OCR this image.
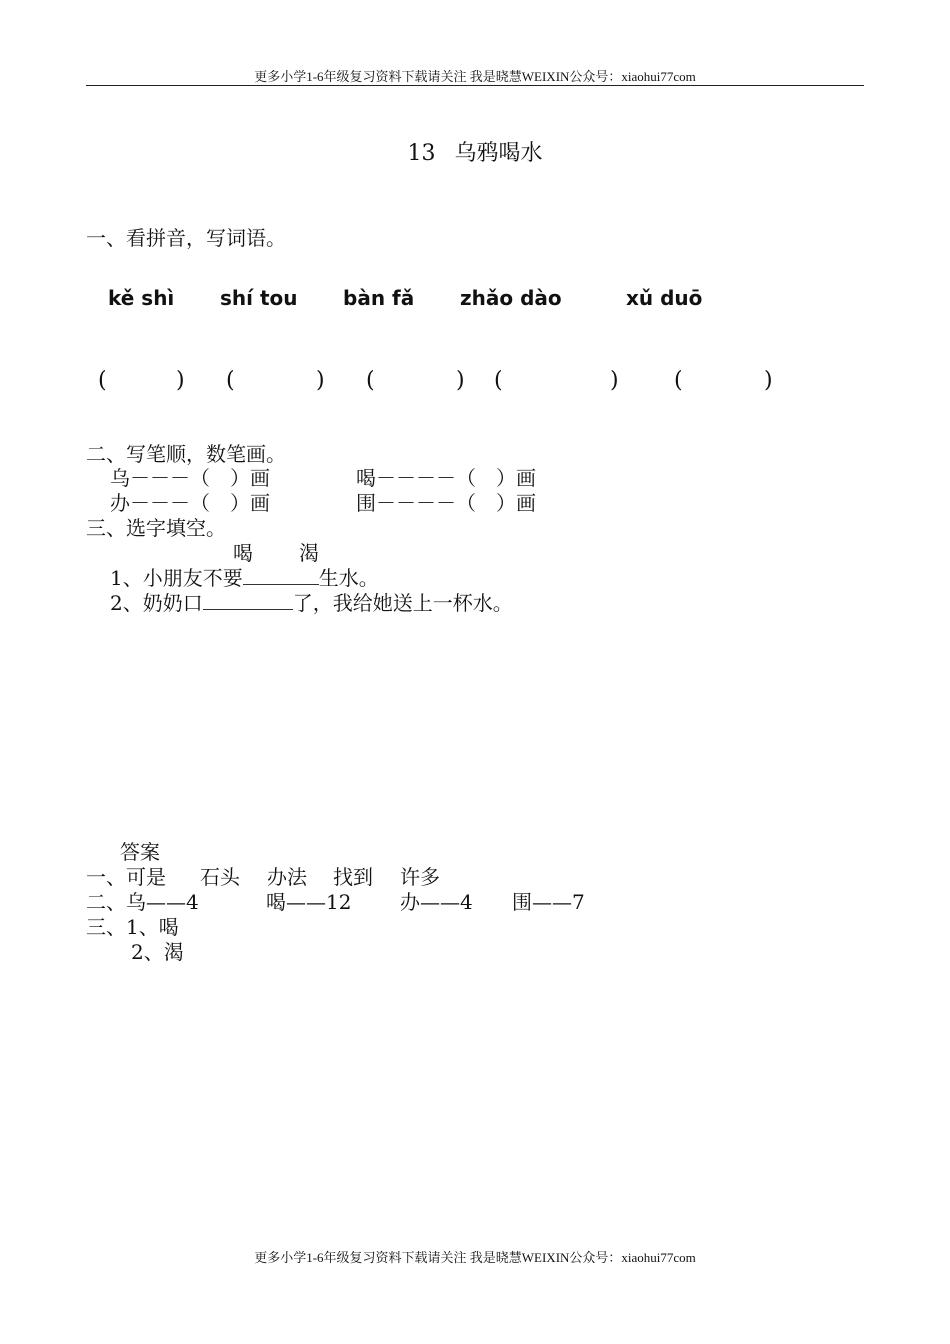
更多小学1-6年级复习资料下载请关注 我是晓慧WEIXIN公众号：xiaohui77com
13 乌鸦喝水
一、看拼音，写词语。
kě shì shí tou bàn fǎ zhǎo dào	xǔ duō
(	) (	) (	) (	)	(	)
二、写笔顺，数笔画。
乌－－－（　）画	喝－－－－（　）画
办－－－（　）画	围－－－－（　）画
三、选字填空。
喝 渴
1、小朋友不要	生水。
2、奶奶口	了，我给她送上一杯水。
答案
一、可是 石头 办法 找到 许多
二、乌——4	喝——12 办——4 围——7
三、1、喝
2、渴
更多小学1-6年级复习资料下载请关注 我是晓慧WEIXIN公众号：xiaohui77com
